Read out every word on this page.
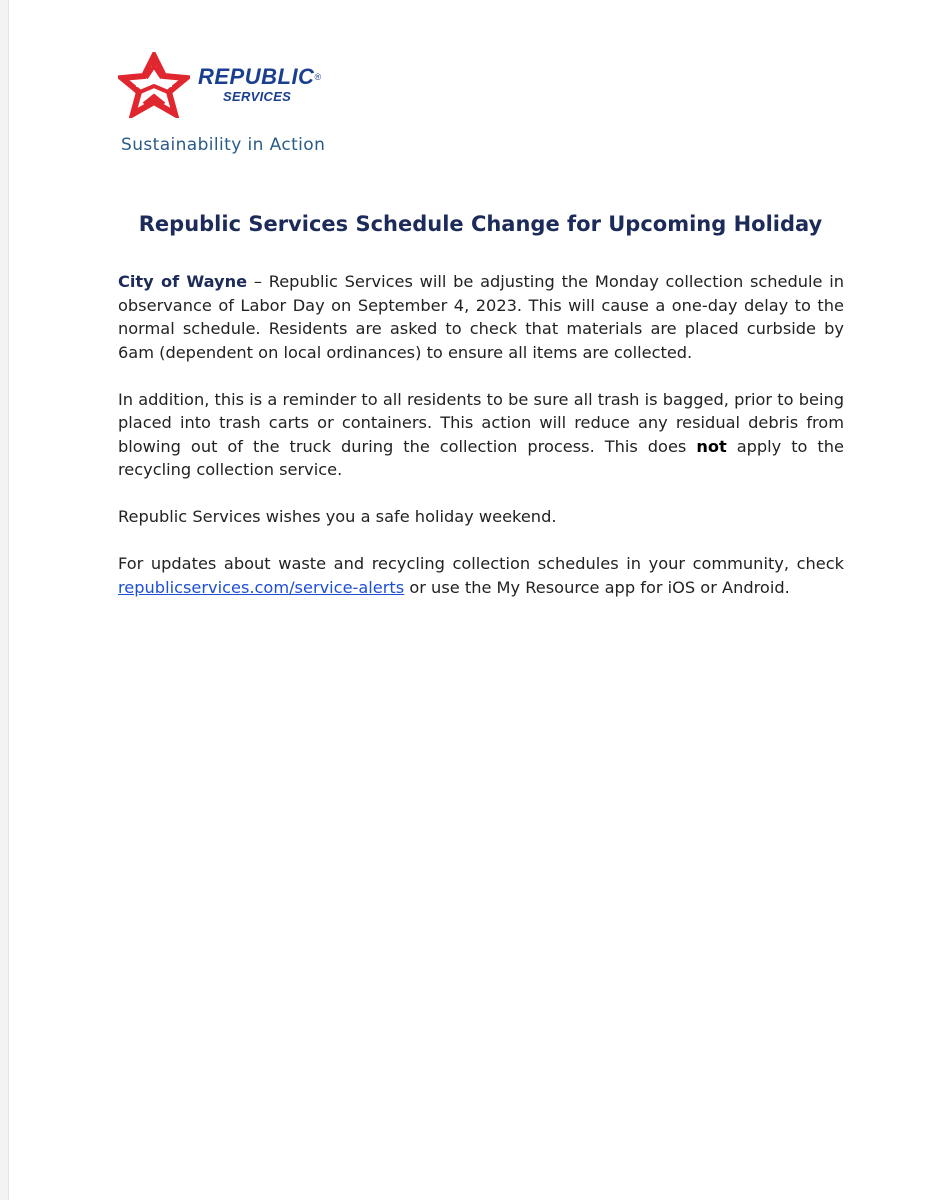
REPUBLIC®
SERVICES
Sustainability in Action
Republic Services Schedule Change for Upcoming Holiday

City of Wayne – Republic Services will be adjusting the Monday collection schedule in observance of Labor Day on September 4, 2023. This will cause a one-day delay to the normal schedule. Residents are asked to check that materials are placed curbside by 6am (dependent on local ordinances) to ensure all items are collected.

In addition, this is a reminder to all residents to be sure all trash is bagged, prior to being placed into trash carts or containers. This action will reduce any residual debris from blowing out of the truck during the collection process. This does not apply to the recycling collection service.

Republic Services wishes you a safe holiday weekend.

For updates about waste and recycling collection schedules in your community, check republicservices.com/service-alerts or use the My Resource app for iOS or Android.
